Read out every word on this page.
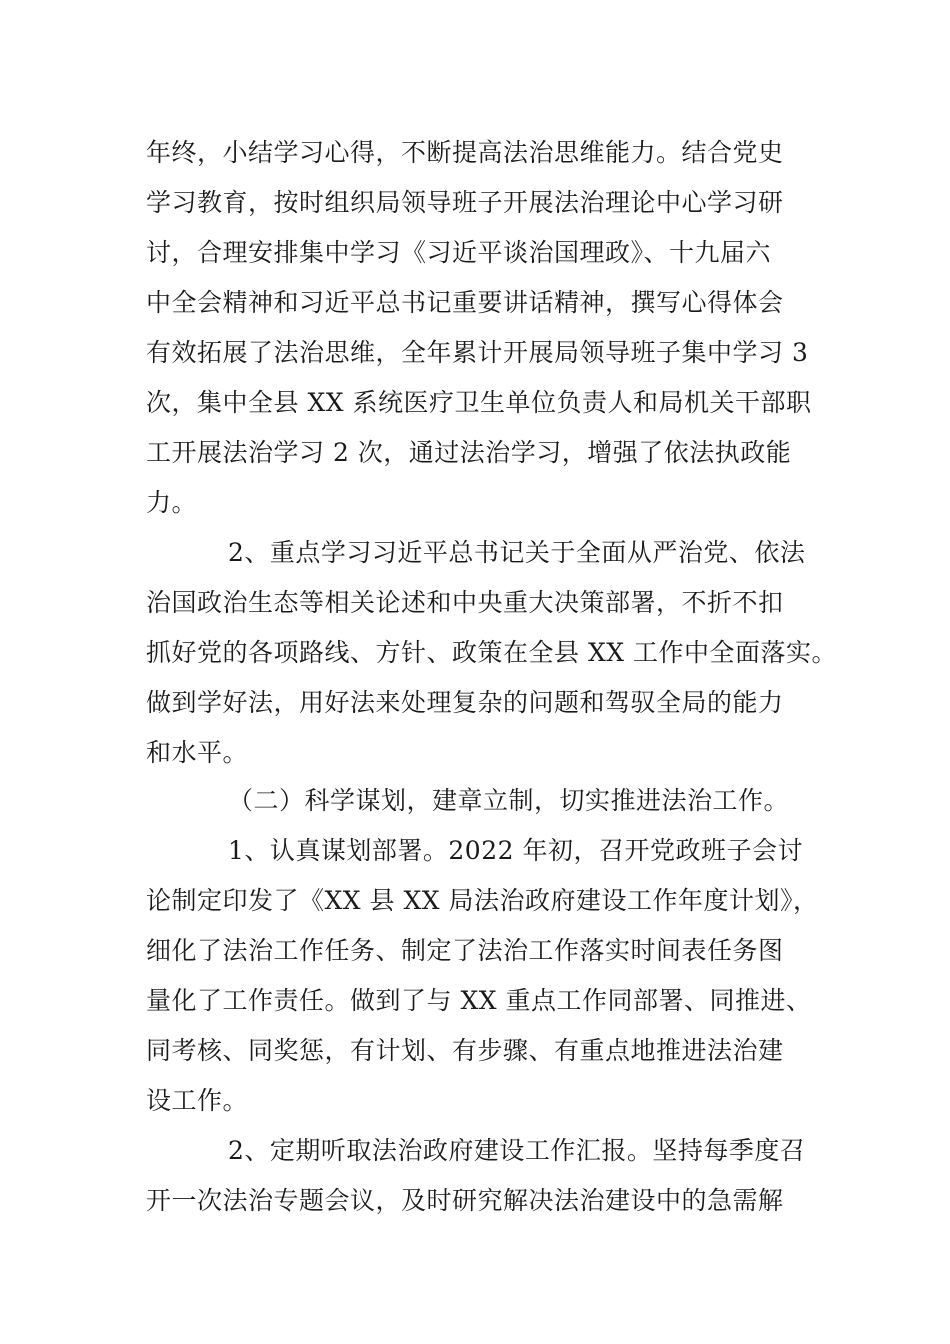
年终，小结学习心得，不断提高法治思维能力。结合党史
学习教育，按时组织局领导班子开展法治理论中心学习研
讨，合理安排集中学习《习近平谈治国理政》、十九届六
中全会精神和习近平总书记重要讲话精神，撰写心得体会
有效拓展了法治思维，全年累计开展局领导班子集中学习 3
次，集中全县 XX 系统医疗卫生单位负责人和局机关干部职
工开展法治学习 2 次，通过法治学习，增强了依法执政能
力。
2、重点学习习近平总书记关于全面从严治党、依法
治国政治生态等相关论述和中央重大决策部署，不折不扣
抓好党的各项路线、方针、政策在全县 XX 工作中全面落实。
做到学好法，用好法来处理复杂的问题和驾驭全局的能力
和水平。
（二）科学谋划，建章立制，切实推进法治工作。
1、认真谋划部署。2022 年初，召开党政班子会讨
论制定印发了《XX 县 XX 局法治政府建设工作年度计划》，
细化了法治工作任务、制定了法治工作落实时间表任务图
量化了工作责任。做到了与 XX 重点工作同部署、同推进、
同考核、同奖惩，有计划、有步骤、有重点地推进法治建
设工作。
2、定期听取法治政府建设工作汇报。坚持每季度召
开一次法治专题会议，及时研究解决法治建设中的急需解
